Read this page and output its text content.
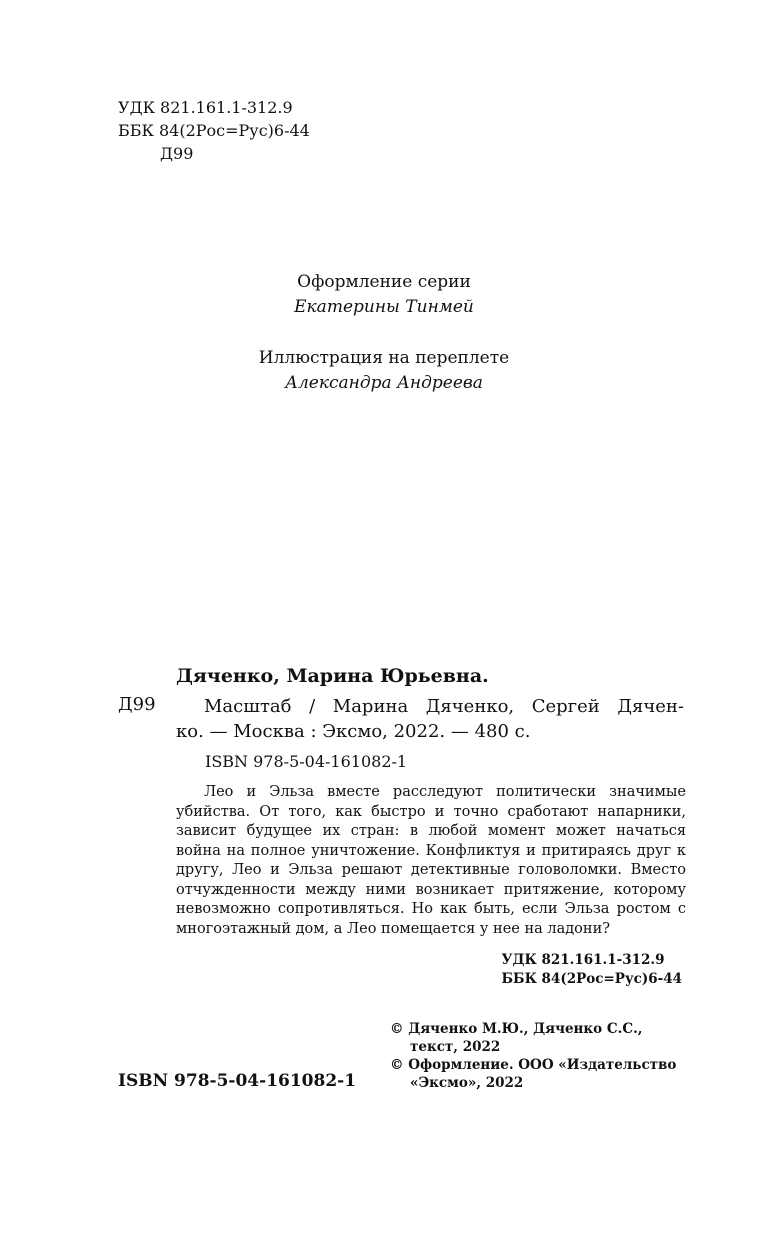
УДК 821.161.1-312.9
ББК 84(2Рос=Рус)6-44
Д99
Оформление серии
Екатерины Тинмей
Иллюстрация на переплете
Александра Андреева
Дяченко, Марина Юрьевна.
Д99	Масштаб / Марина Дяченко, Сергей Дячен-
ко. — Москва : Эксмо, 2022. — 480 с.
ISBN 978-5-04-161082-1

Лео и Эльза вместе расследуют политически значимые убийства. От того, как быстро и точно сработают напарники, зависит будущее их стран: в любой момент может начаться война на полное уничтожение. Конфликтуя и притираясь друг к другу, Лео и Эльза решают детективные головоломки. Вместо отчужденности между ними возникает притяжение, которому невозможно сопротивляться. Но как быть, если Эльза ростом с многоэтажный дом, а Лео помещается у нее на ладони?

УДК 821.161.1-312.9
ББК 84(2Рос=Рус)6-44

© Дяченко М.Ю., Дяченко С.С., текст, 2022

© Оформление. ООО «Издательство «Эксмо», 2022

ISBN 978-5-04-161082-1
